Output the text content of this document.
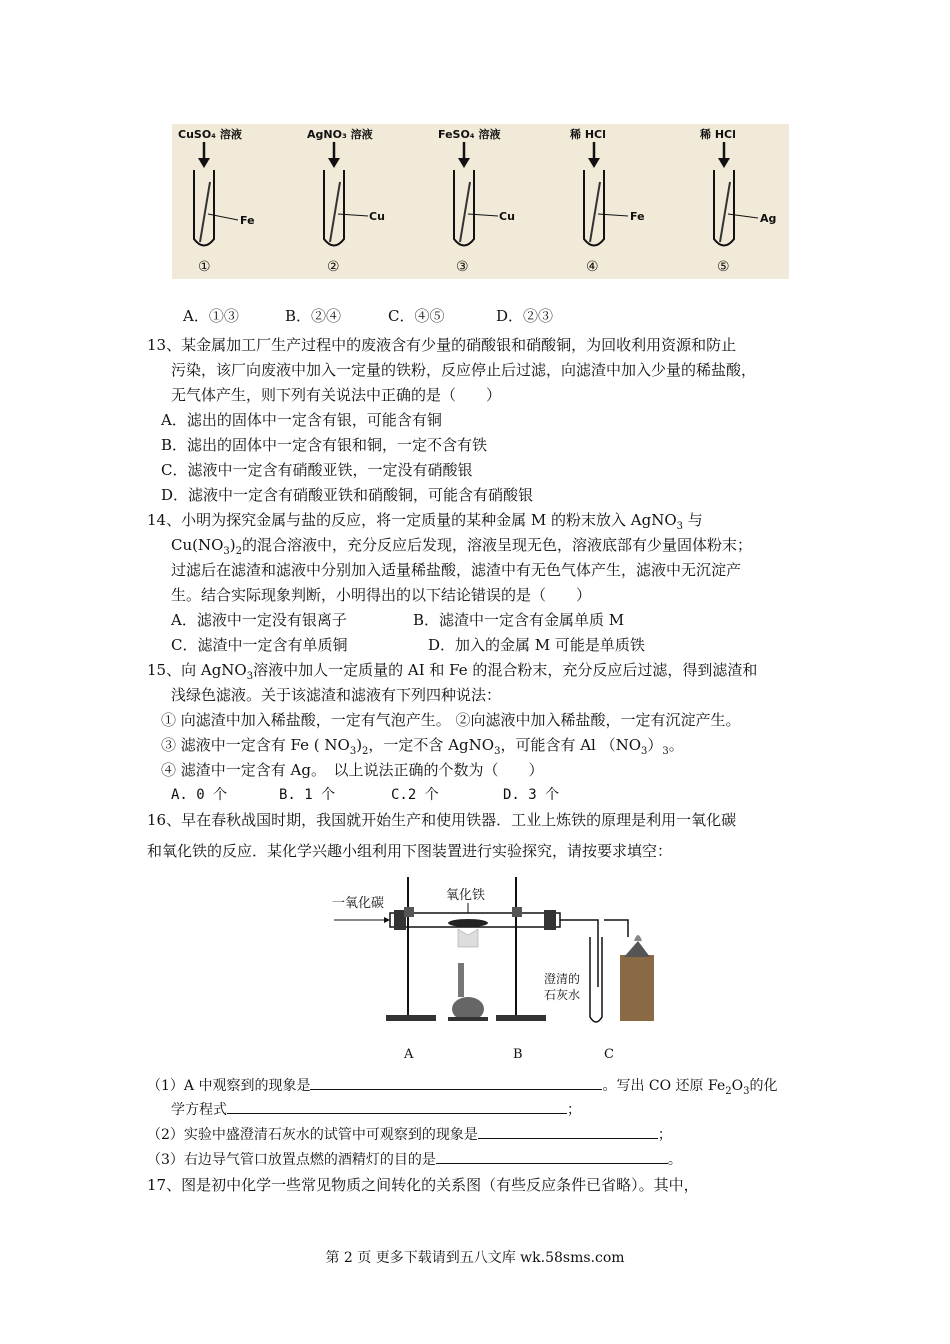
CuSO₄ 溶液
Fe
①
AgNO₃ 溶液
Cu
②
FeSO₄ 溶液
Cu
③
稀 HCl
Fe
④
稀 HCl
Ag
⑤
A．①③	B．②④	C．④⑤	D．②③
13、某金属加工厂生产过程中的废液含有少量的硝酸银和硝酸铜，为回收利用资源和防止
污染，该厂向废液中加入一定量的铁粉，反应停止后过滤，向滤渣中加入少量的稀盐酸，
无气体产生，则下列有关说法中正确的是（　　）
A．滤出的固体中一定含有银，可能含有铜
B．滤出的固体中一定含有银和铜，一定不含有铁
C．滤液中一定含有硝酸亚铁，一定没有硝酸银
D．滤液中一定含有硝酸亚铁和硝酸铜，可能含有硝酸银
14、小明为探究金属与盐的反应，将一定质量的某种金属 M 的粉末放入 AgNO$_3$ 与
$Cu(NO_3)_2$的混合溶液中，充分反应后发现，溶液呈现无色，溶液底部有少量固体粉末；
过滤后在滤渣和滤液中分别加入适量稀盐酸，滤渣中有无色气体产生，滤液中无沉淀产
生。结合实际现象判断，小明得出的以下结论错误的是（　　）
A．滤液中一定没有银离子	B．滤渣中一定含有金属单质 M
C．滤渣中一定含有单质铜	D．加入的金属 M 可能是单质铁
15、向 AgNO$_3$溶液中加人一定质量的 AI 和 Fe 的混合粉末，充分反应后过滤，得到滤渣和
浅绿色滤液。关于该滤渣和滤液有下列四种说法：
① 向滤渣中加入稀盐酸，一定有气泡产生。 ②向滤液中加入稀盐酸，一定有沉淀产生。
③ 滤液中一定含有 Fe ( $NO_3)_2$，一定不含 AgNO$_3$，可能含有 Al $(NO_3)_3$。
④ 滤渣中一定含有 Ag。　以上说法正确的个数为（　　）
A. 0 个	B. 1 个	C.2 个	D. 3 个
16、早在春秋战国时期，我国就开始生产和使用铁器．工业上炼铁的原理是利用一氧化碳
和氧化铁的反应．某化学兴趣小组利用下图装置进行实验探究，请按要求填空：
一氧化碳
氧化铁
澄清的
石灰水
A	B	C
（1）A 中观察到的现象是	。写出 CO 还原 $Fe_2O_3$的化
学方程式	；
（2）实验中盛澄清石灰水的试管中可观察到的现象是	；
（3）右边导气管口放置点燃的酒精灯的目的是	。
17、图是初中化学一些常见物质之间转化的关系图（有些反应条件已省略）。其中，
第 2 页 更多下载请到五八文库 wk.58sms.com
